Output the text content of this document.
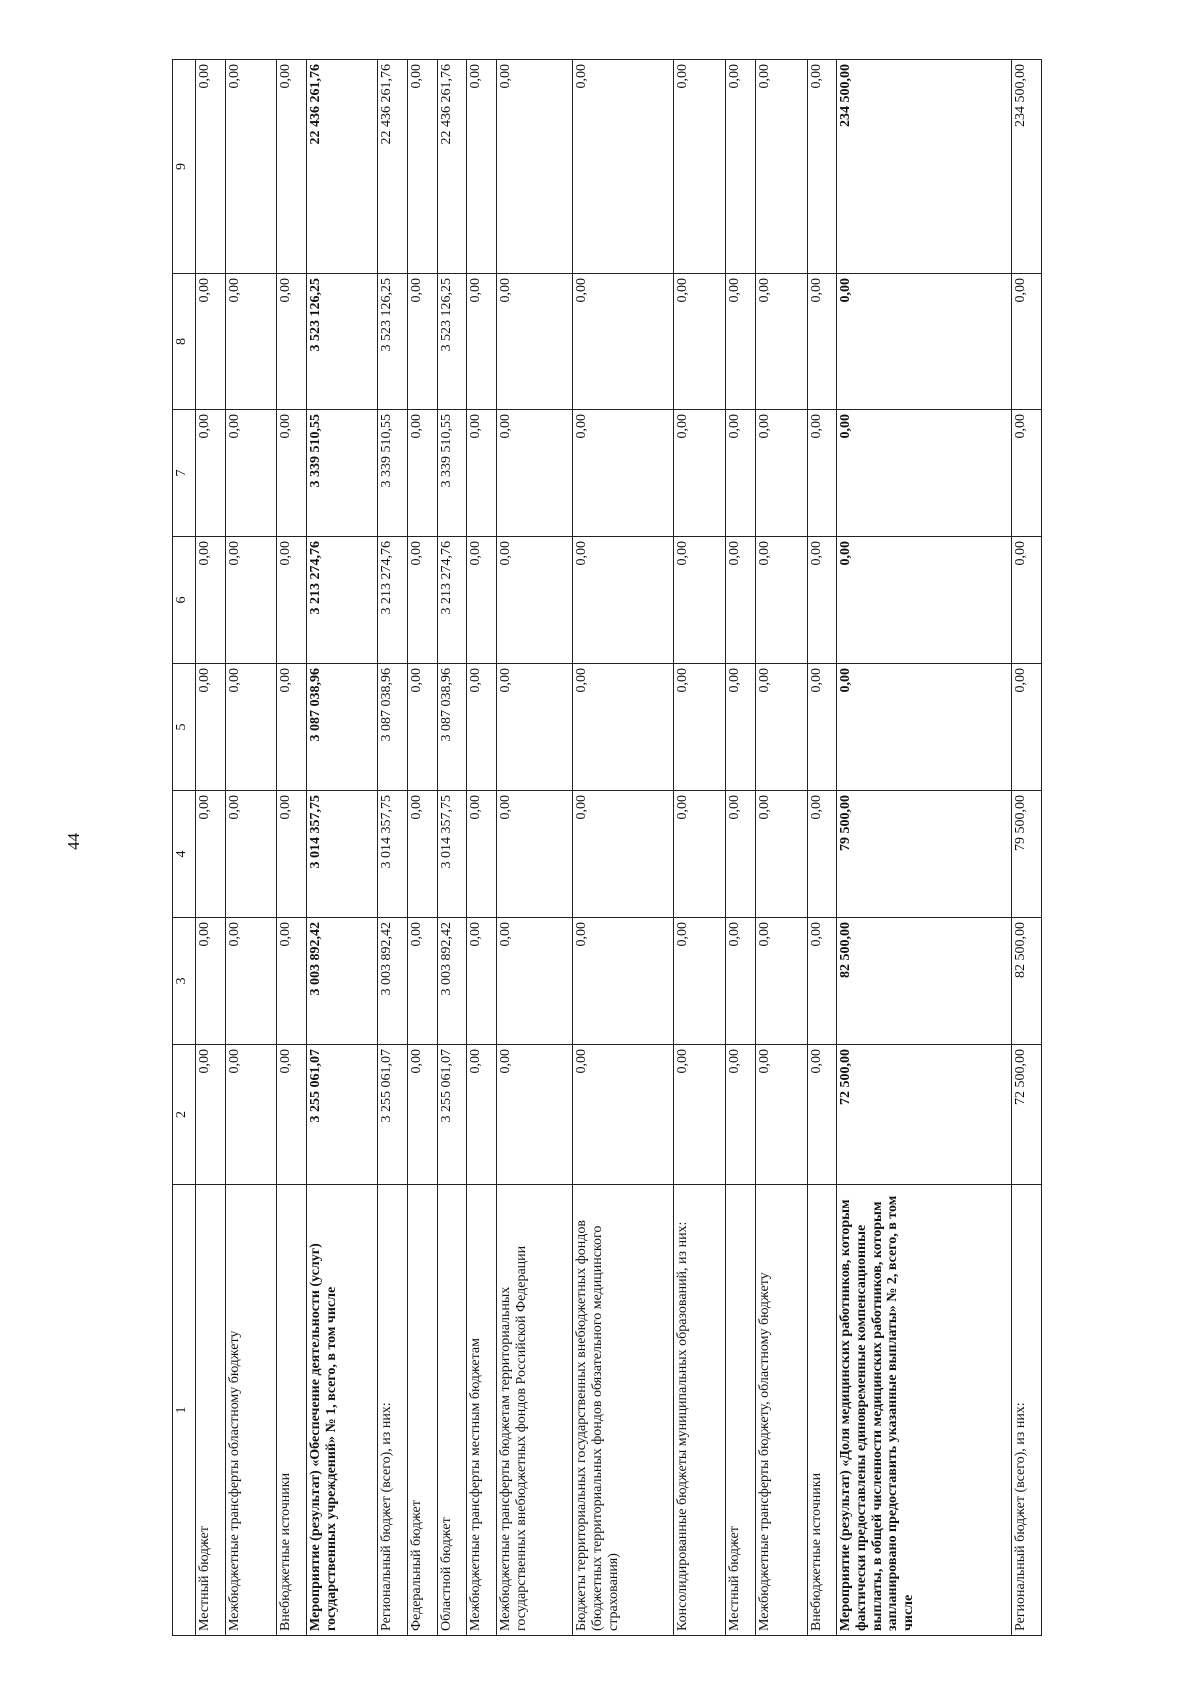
44
1	2	3	4	5	6	7	8	9
Местный бюджет	0,00	0,00	0,00	0,00	0,00	0,00	0,00	0,00
Межбюджетные трансферты областному бюджету	0,00	0,00	0,00	0,00	0,00	0,00	0,00	0,00
Внебюджетные источники	0,00	0,00	0,00	0,00	0,00	0,00	0,00	0,00
Мероприятие (результат) «Обеспечение деятельности (услуг) государственных учреждений» № 1, всего, в том числе	3 255 061,07	3 003 892,42	3 014 357,75	3 087 038,96	3 213 274,76	3 339 510,55	3 523 126,25	22 436 261,76
Региональный бюджет (всего), из них:	3 255 061,07	3 003 892,42	3 014 357,75	3 087 038,96	3 213 274,76	3 339 510,55	3 523 126,25	22 436 261,76
Федеральный бюджет	0,00	0,00	0,00	0,00	0,00	0,00	0,00	0,00
Областной бюджет	3 255 061,07	3 003 892,42	3 014 357,75	3 087 038,96	3 213 274,76	3 339 510,55	3 523 126,25	22 436 261,76
Межбюджетные трансферты местным бюджетам	0,00	0,00	0,00	0,00	0,00	0,00	0,00	0,00
Межбюджетные трансферты бюджетам территориальных государственных внебюджетных фондов Российской Федерации	0,00	0,00	0,00	0,00	0,00	0,00	0,00	0,00
Бюджеты территориальных государственных внебюджетных фондов (бюджетных территориальных фондов обязательного медицинского страхования)	0,00	0,00	0,00	0,00	0,00	0,00	0,00	0,00
Консолидированные бюджеты муниципальных образований, из них:	0,00	0,00	0,00	0,00	0,00	0,00	0,00	0,00
Местный бюджет	0,00	0,00	0,00	0,00	0,00	0,00	0,00	0,00
Межбюджетные трансферты бюджету, областному бюджету	0,00	0,00	0,00	0,00	0,00	0,00	0,00	0,00
Внебюджетные источники	0,00	0,00	0,00	0,00	0,00	0,00	0,00	0,00
Мероприятие (результат) «Доля медицинских работников, которым фактически предоставлены единовременные компенсационные выплаты, в общей численности медицинских работников, которым запланировано предоставить указанные выплаты» № 2, всего, в том числе	72 500,00	82 500,00	79 500,00	0,00	0,00	0,00	0,00	234 500,00
Региональный бюджет (всего), из них:	72 500,00	82 500,00	79 500,00	0,00	0,00	0,00	0,00	234 500,00
